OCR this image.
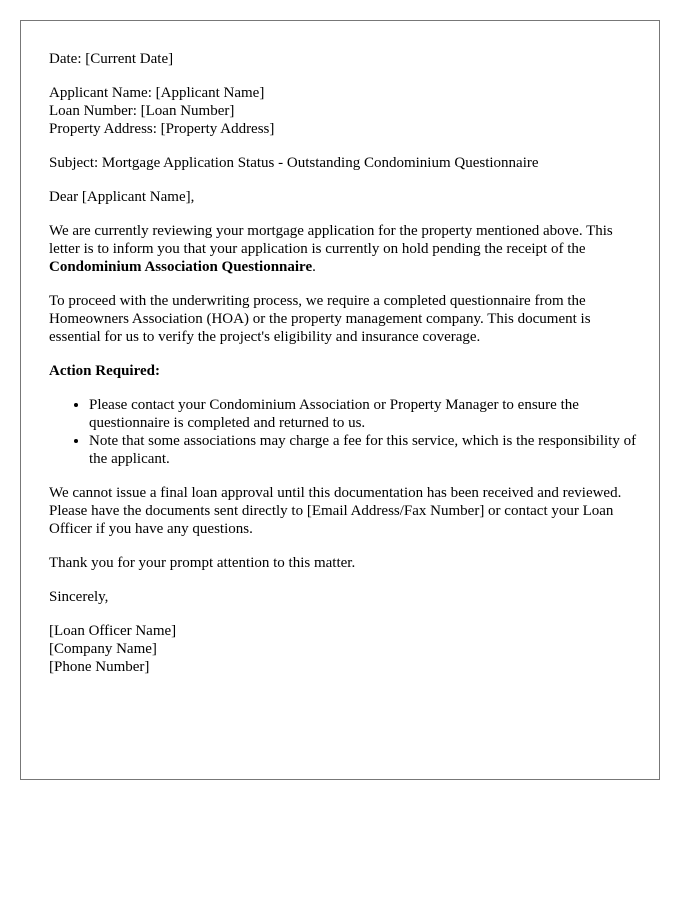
Date: [Current Date]

Applicant Name: [Applicant Name]
Loan Number: [Loan Number]
Property Address: [Property Address]

Subject: Mortgage Application Status - Outstanding Condominium Questionnaire

Dear [Applicant Name],

We are currently reviewing your mortgage application for the property mentioned above. This letter is to inform you that your application is currently on hold pending the receipt of the Condominium Association Questionnaire.

To proceed with the underwriting process, we require a completed questionnaire from the Homeowners Association (HOA) or the property management company. This document is essential for us to verify the project's eligibility and insurance coverage.

Action Required:

• Please contact your Condominium Association or Property Manager to ensure the questionnaire is completed and returned to us.
• Note that some associations may charge a fee for this service, which is the responsibility of the applicant.

We cannot issue a final loan approval until this documentation has been received and reviewed. Please have the documents sent directly to [Email Address/Fax Number] or contact your Loan Officer if you have any questions.

Thank you for your prompt attention to this matter.

Sincerely,

[Loan Officer Name]
[Company Name]
[Phone Number]
